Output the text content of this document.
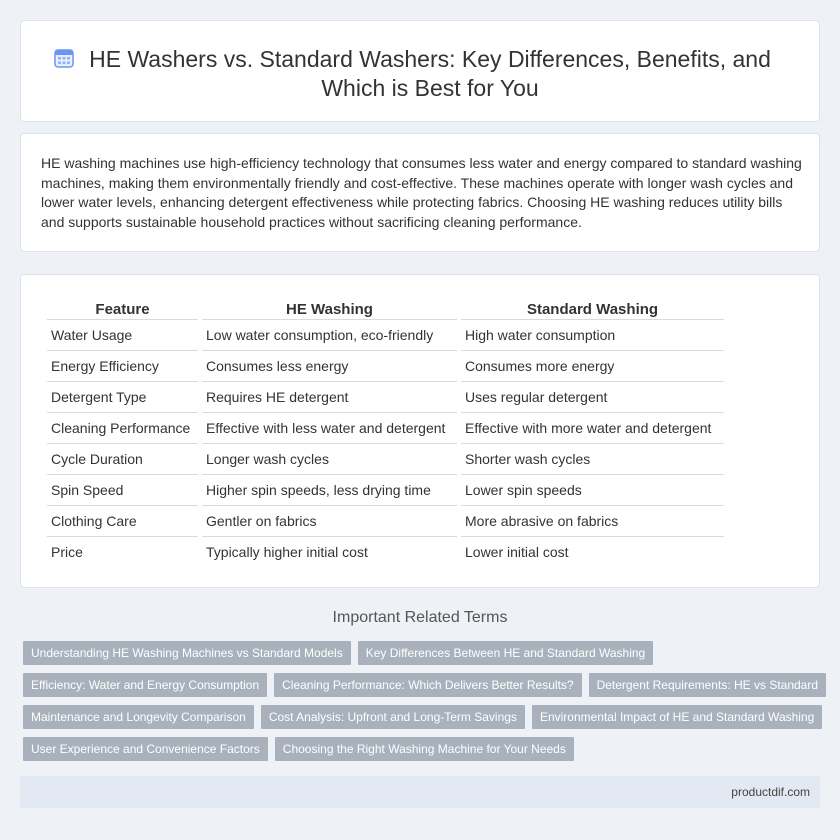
HE Washers vs. Standard Washers: Key Differences, Benefits, and Which is Best for You

HE washing machines use high-efficiency technology that consumes less water and energy compared to standard washing machines, making them environmentally friendly and cost-effective. These machines operate with longer wash cycles and lower water levels, enhancing detergent effectiveness while protecting fabrics. Choosing HE washing reduces utility bills and supports sustainable household practices without sacrificing cleaning performance.

Feature	HE Washing	Standard Washing
Water Usage	Low water consumption, eco-friendly	High water consumption
Energy Efficiency	Consumes less energy	Consumes more energy
Detergent Type	Requires HE detergent	Uses regular detergent
Cleaning Performance	Effective with less water and detergent	Effective with more water and detergent
Cycle Duration	Longer wash cycles	Shorter wash cycles
Spin Speed	Higher spin speeds, less drying time	Lower spin speeds
Clothing Care	Gentler on fabrics	More abrasive on fabrics
Price	Typically higher initial cost	Lower initial cost
Important Related Terms
Understanding HE Washing Machines vs Standard Models	Key Differences Between HE and Standard Washing
Efficiency: Water and Energy Consumption	Cleaning Performance: Which Delivers Better Results?	Detergent Requirements: HE vs Standard
Maintenance and Longevity Comparison	Cost Analysis: Upfront and Long-Term Savings	Environmental Impact of HE and Standard Washing
User Experience and Convenience Factors	Choosing the Right Washing Machine for Your Needs
productdif.com
